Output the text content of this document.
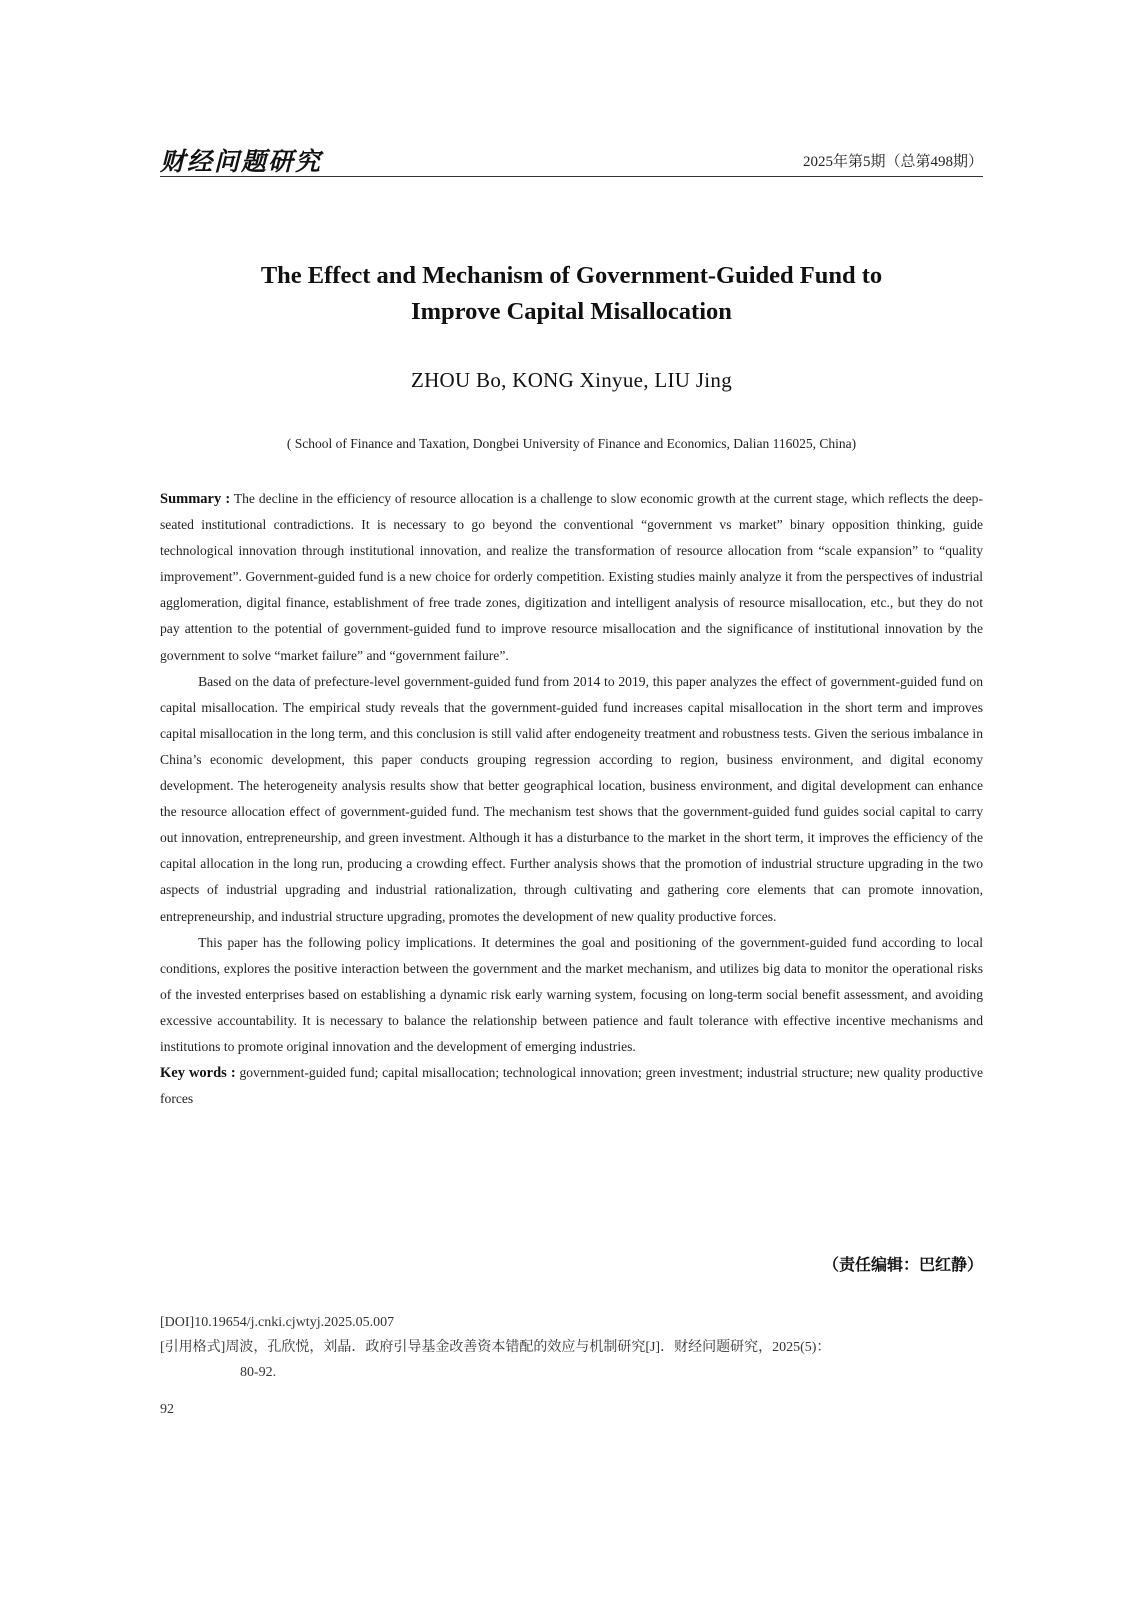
财经问题研究	2025年第5期（总第498期）
The Effect and Mechanism of Government-Guided Fund to
Improve Capital Misallocation
ZHOU Bo, KONG Xinyue, LIU Jing
( School of Finance and Taxation, Dongbei University of Finance and Economics, Dalian 116025, China)

Summary : The decline in the efficiency of resource allocation is a challenge to slow economic growth at the current stage, which reflects the deep-seated institutional contradictions. It is necessary to go beyond the conventional “government vs market” binary opposition thinking, guide technological innovation through institutional innovation, and realize the transformation of resource allocation from “scale expansion” to “quality improvement”. Government-guided fund is a new choice for orderly competition. Existing studies mainly analyze it from the perspectives of industrial agglomeration, digital finance, establishment of free trade zones, digitization and intelligent analysis of resource misallocation, etc., but they do not pay attention to the potential of government-guided fund to improve resource misallocation and the significance of institutional innovation by the government to solve “market failure” and “government failure”.

Based on the data of prefecture-level government-guided fund from 2014 to 2019, this paper analyzes the effect of government-guided fund on capital misallocation. The empirical study reveals that the government-guided fund increases capital misallocation in the short term and improves capital misallocation in the long term, and this conclusion is still valid after endogeneity treatment and robustness tests. Given the serious imbalance in China’s economic development, this paper conducts grouping regression according to region, business environment, and digital economy development. The heterogeneity analysis results show that better geographical location, business environment, and digital development can enhance the resource allocation effect of government-guided fund. The mechanism test shows that the government-guided fund guides social capital to carry out innovation, entrepreneurship, and green investment. Although it has a disturbance to the market in the short term, it improves the efficiency of the capital allocation in the long run, producing a crowding effect. Further analysis shows that the promotion of industrial structure upgrading in the two aspects of industrial upgrading and industrial rationalization, through cultivating and gathering core elements that can promote innovation, entrepreneurship, and industrial structure upgrading, promotes the development of new quality productive forces.

This paper has the following policy implications. It determines the goal and positioning of the government-guided fund according to local conditions, explores the positive interaction between the government and the market mechanism, and utilizes big data to monitor the operational risks of the invested enterprises based on establishing a dynamic risk early warning system, focusing on long-term social benefit assessment, and avoiding excessive accountability. It is necessary to balance the relationship between patience and fault tolerance with effective incentive mechanisms and institutions to promote original innovation and the development of emerging industries.

Key words : government-guided fund; capital misallocation; technological innovation; green investment; industrial structure; new quality productive forces

（责任编辑：巴红静）
[DOI]10.19654/j.cnki.cjwtyj.2025.05.007
[引用格式]周波，孔欣悦，刘晶．政府引导基金改善资本错配的效应与机制研究[J]．财经问题研究，2025(5)：
80-92.
92
